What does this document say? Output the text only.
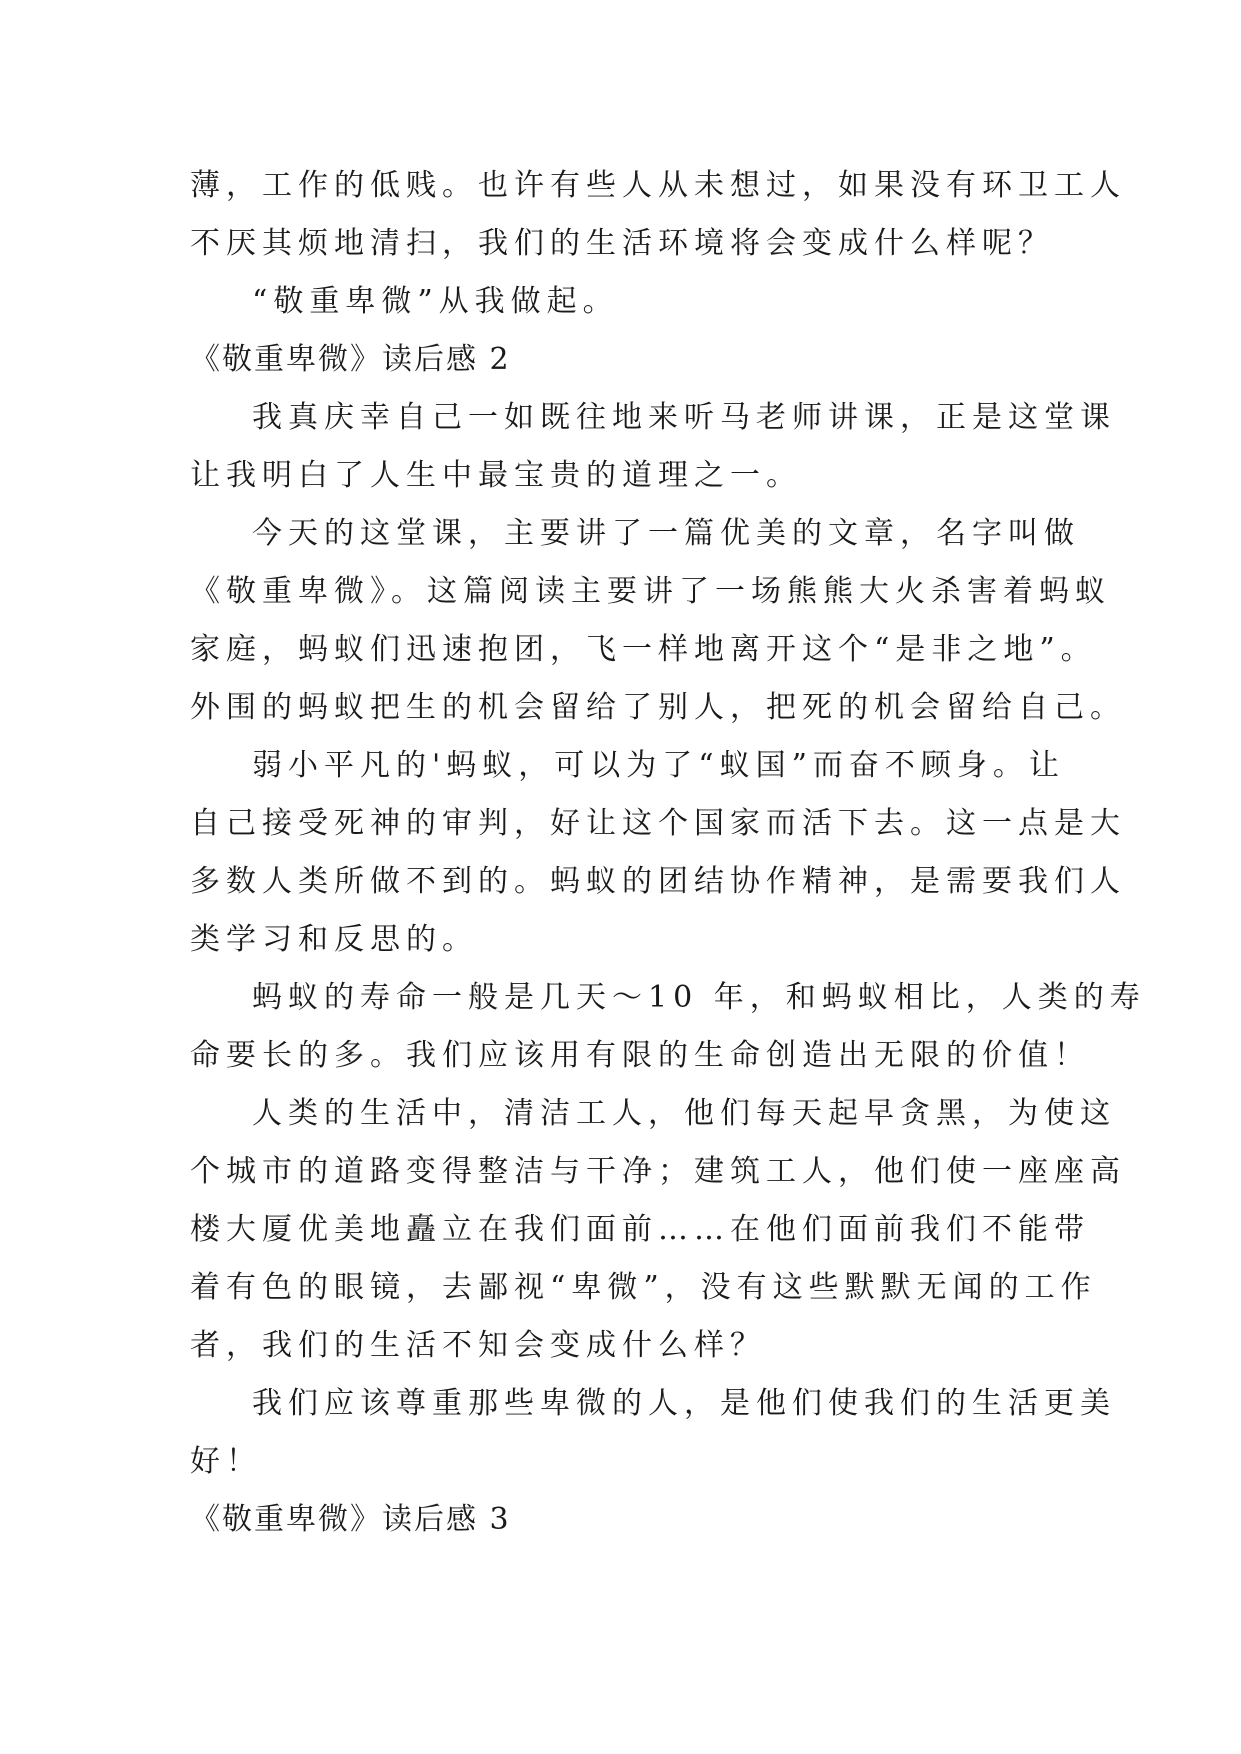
薄，工作的低贱。也许有些人从未想过，如果没有环卫工人
不厌其烦地清扫，我们的生活环境将会变成什么样呢？
“敬重卑微”从我做起。
《敬重卑微》读后感 2
我真庆幸自己一如既往地来听马老师讲课，正是这堂课
让我明白了人生中最宝贵的道理之一。
今天的这堂课，主要讲了一篇优美的文章，名字叫做
《敬重卑微》。这篇阅读主要讲了一场熊熊大火杀害着蚂蚁
家庭，蚂蚁们迅速抱团，飞一样地离开这个“是非之地”。
外围的蚂蚁把生的机会留给了别人，把死的机会留给自己。
弱小平凡的'蚂蚁，可以为了“蚁国”而奋不顾身。让
自己接受死神的审判，好让这个国家而活下去。这一点是大
多数人类所做不到的。蚂蚁的团结协作精神，是需要我们人
类学习和反思的。
蚂蚁的寿命一般是几天～10 年，和蚂蚁相比，人类的寿
命要长的多。我们应该用有限的生命创造出无限的价值！
人类的生活中，清洁工人，他们每天起早贪黑，为使这
个城市的道路变得整洁与干净；建筑工人，他们使一座座高
楼大厦优美地矗立在我们面前……在他们面前我们不能带
着有色的眼镜，去鄙视“卑微”，没有这些默默无闻的工作
者，我们的生活不知会变成什么样？
我们应该尊重那些卑微的人，是他们使我们的生活更美
好！
《敬重卑微》读后感 3
